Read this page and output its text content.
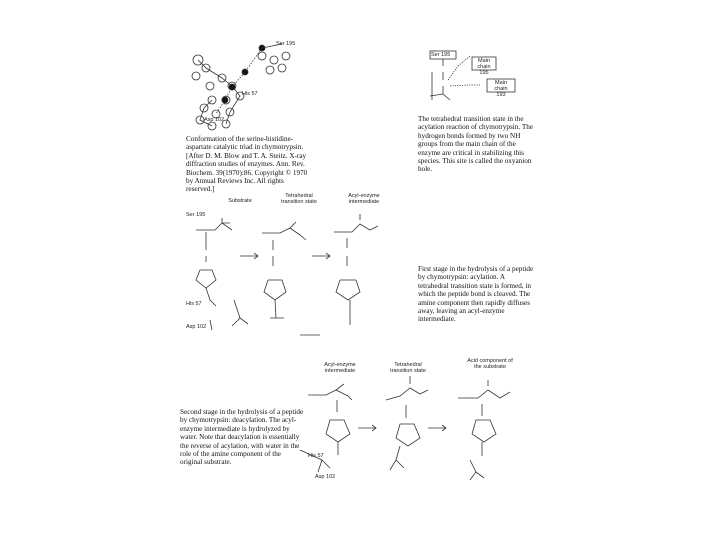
Ser 195
His 57
Asp 102
Conformation of the serine-histidine-aspartate catalytic triad in chymotrypsin. [After D. M. Blow and T. A. Steitz. X-ray diffraction studies of enzymes. Ann. Rev. Biochem. 39(1970):86. Copyright © 1970 by Annual Reviews Inc. All rights reserved.]
Ser 195
Main chain
195
Main chain
193
The tetrahedral transition state in the acylation reaction of chymotrypsin. The hydrogen bonds formed by two NH groups from the main chain of the enzyme are critical in stabilizing this species. This site is called the oxyanion hole.
Substrate
Tetrahedral transition state
Acyl-enzyme intermediate
Ser 195
His 57
Asp 102
First stage in the hydrolysis of a peptide by chymotrypsin: acylation. A tetrahedral transition state is formed, in which the peptide bond is cleaved. The amine component then rapidly diffuses away, leaving an acyl-enzyme intermediate.
Acyl-enzyme intermediate
Tetrahedral transition state
Acid component of the substrate
Second stage in the hydrolysis of a peptide by chymotrypsin: deacylation. The acyl-enzyme intermediate is hydrolyzed by water. Note that deacylation is essentially the reverse of acylation, with water in the role of the amine component of the original substrate.
His 57
Asp 102
